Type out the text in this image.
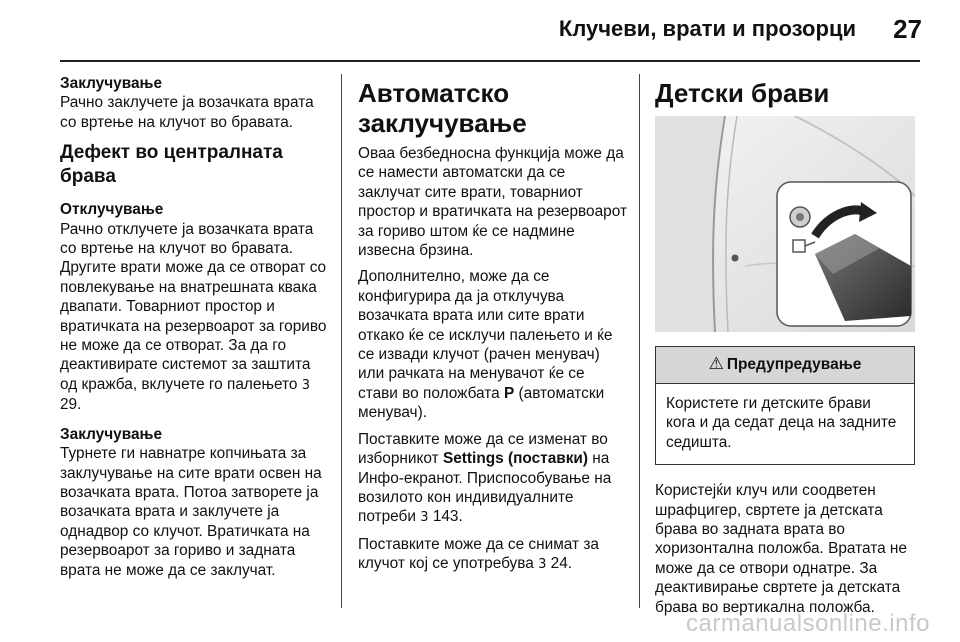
Клучеви, врати и прозорци 27

Заклучување

Рачно заклучете ја возачката врата со вртење на клучот во бравата.

Дефект во централната брава

Отклучување

Рачно отклучете ја возачката врата со вртење на клучот во бравата. Другите врати може да се отворат со повлекување на внатрешната квака двапати. Товарниот простор и вратичката на резервоарот за гориво не може да се отворат. За да го деактивирате системот за заштита од кражба, вклучете го палењето 3 29.

Заклучување

Турнете ги навнатре копчињата за заклучување на сите врати освен на возачката врата. Потоа затворете ја возачката врата и заклучете ја однадвор со клучот. Вратичката на резервоарот за гориво и задната врата не може да се заклучат.

Автоматско заклучување

Оваа безбедносна функција може да се намести автоматски да се заклучат сите врати, товарниот простор и вратичката на резервоарот за гориво штом ќе се надмине извесна брзина.

Дополнително, може да се конфигурира да ја отклучува возачката врата или сите врати откако ќе се исклучи палењето и ќе се извади клучот (рачен менувач) или рачката на менувачот ќе се стави во положбата P (автоматски менувач).

Поставките може да се изменат во изборникот Settings (поставки) на Инфо-екранот. Приспособување на возилото кон индивидуалните потреби 3 143.

Поставките може да се снимат за клучот кој се употребува 3 24.

Детски брави

⚠ Предупредување
Користете ги детските брави кога и да седат деца на задните седишта.

Користејќи клуч или соодветен шрафцигер, свртете ја детската брава во задната врата во хоризонтална положба. Вратата не може да се отвори однатре. За деактивирање свртете ја детската брава во вертикална положба.

carmanualsonline.info
